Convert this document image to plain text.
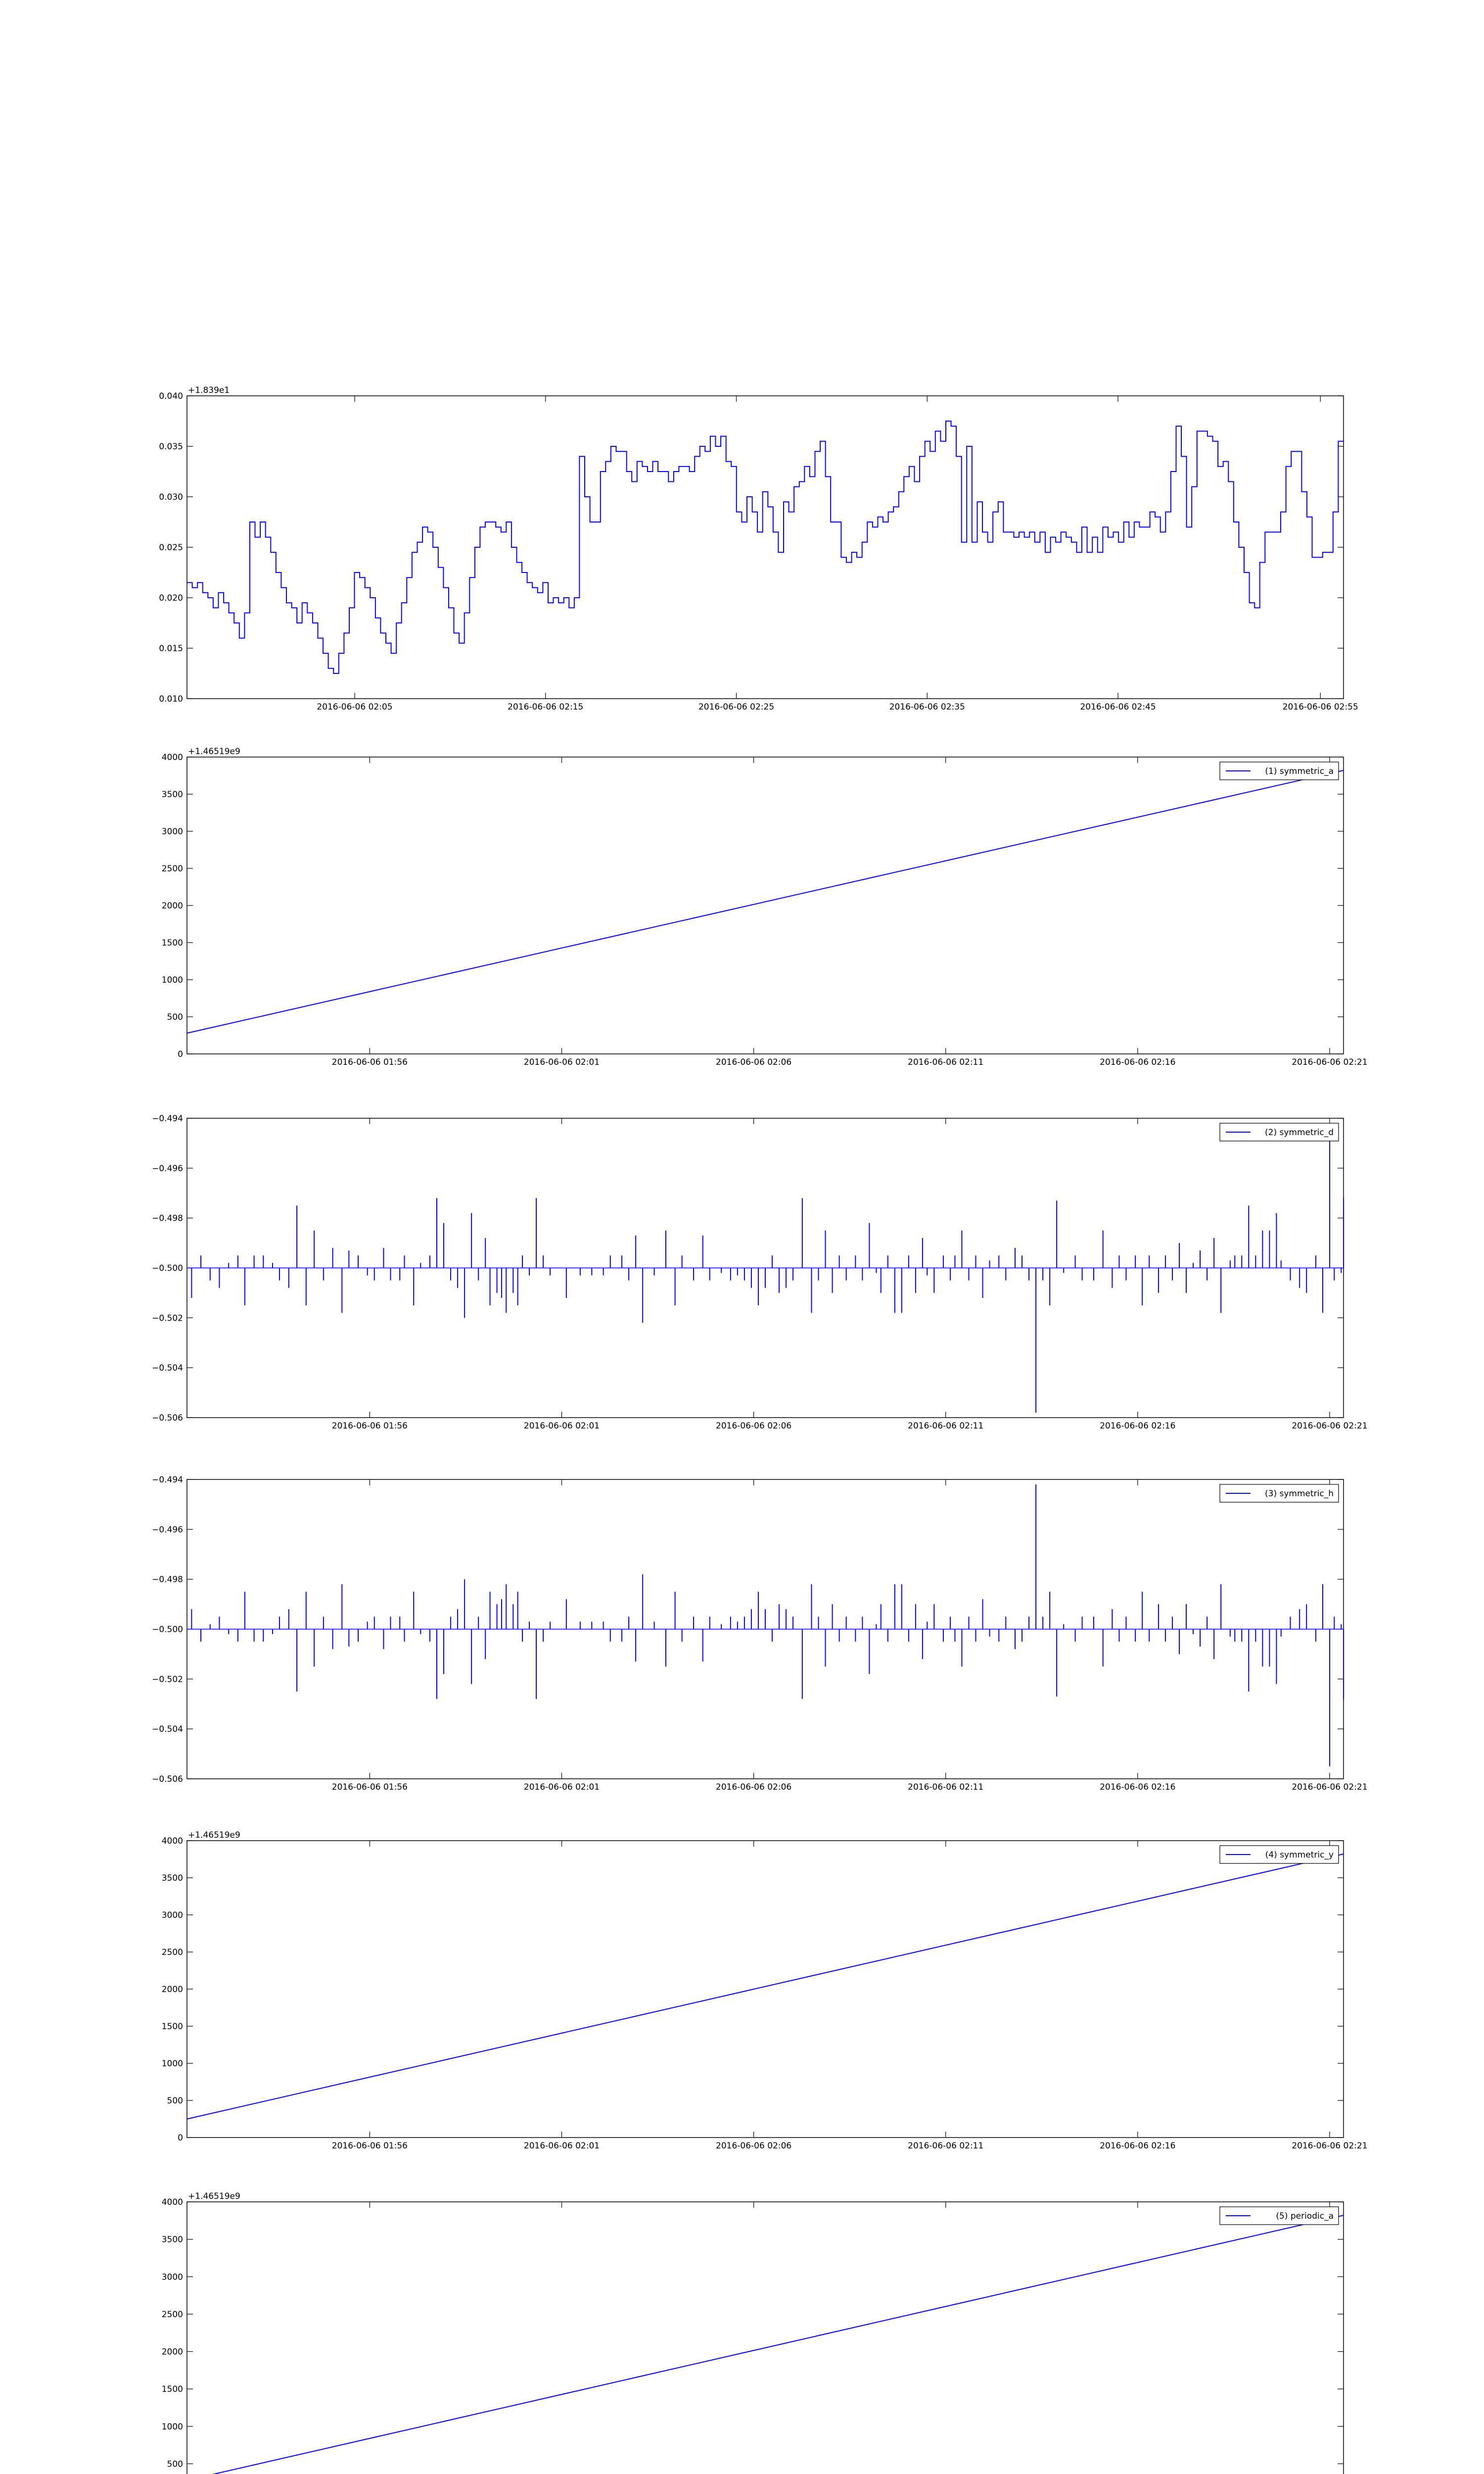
0.010
0.015
0.020
0.025
0.030
0.035
0.040
2016-06-06 02:05	2016-06-06 02:15	2016-06-06 02:25	2016-06-06 02:35	2016-06-06 02:45	2016-06-06 02:55
+1.839e1
0
500
1000
1500
2000
2500
3000
3500
4000
2016-06-06 01:56	2016-06-06 02:01	2016-06-06 02:06	2016-06-06 02:11	2016-06-06 02:16	2016-06-06 02:21
+1.46519e9
(1) symmetric_a
−0.506
−0.504
−0.502
−0.500
−0.498
−0.496
−0.494
2016-06-06 01:56	2016-06-06 02:01	2016-06-06 02:06	2016-06-06 02:11	2016-06-06 02:16	2016-06-06 02:21
(2) symmetric_d
−0.506
−0.504
−0.502
−0.500
−0.498
−0.496
−0.494
2016-06-06 01:56	2016-06-06 02:01	2016-06-06 02:06	2016-06-06 02:11	2016-06-06 02:16	2016-06-06 02:21
(3) symmetric_h
0
500
1000
1500
2000
2500
3000
3500
4000
2016-06-06 01:56	2016-06-06 02:01	2016-06-06 02:06	2016-06-06 02:11	2016-06-06 02:16	2016-06-06 02:21
+1.46519e9
(4) symmetric_y
500
1000
1500
2000
2500
3000
3500
4000
+1.46519e9
(5) periodic_a
